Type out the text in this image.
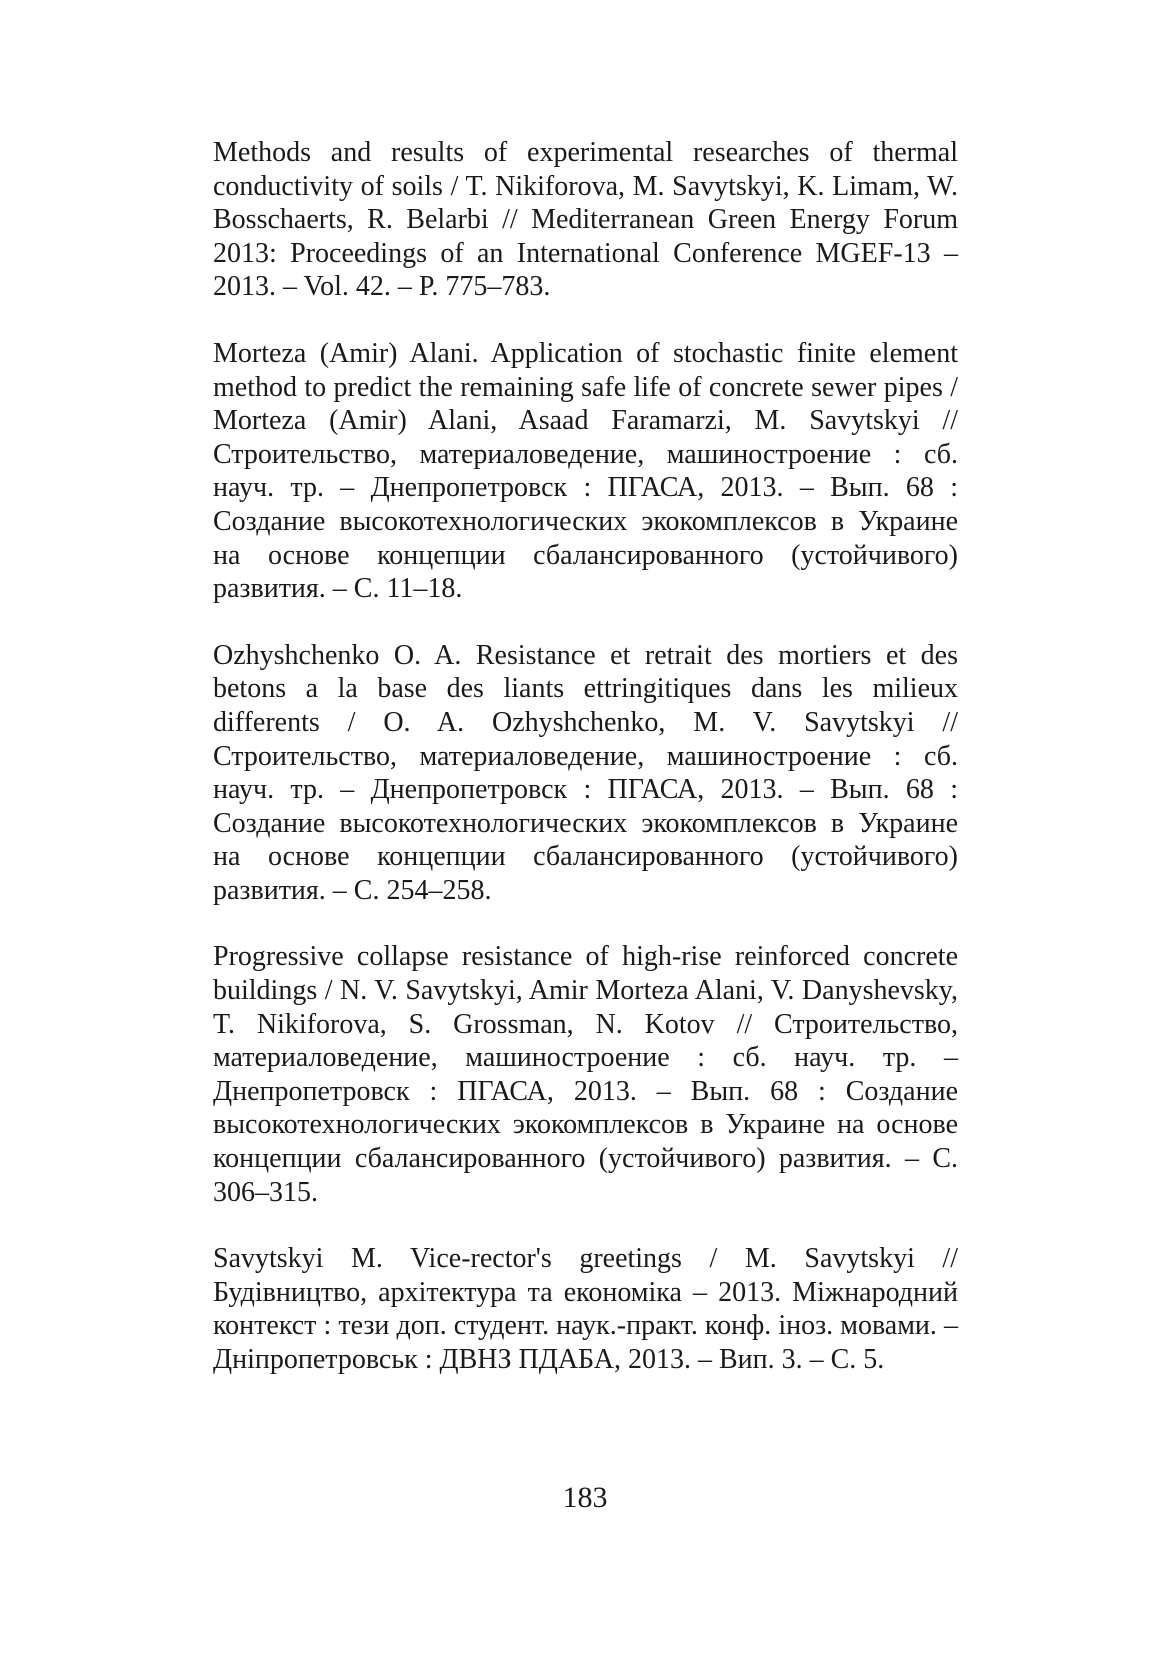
Methods and results of experimental researches of thermal conductivity of soils / T. Nikiforova, M. Savytskyi, K. Limam, W. Bosschaerts, R. Belarbi // Mediterranean Green Energy Forum 2013: Proceedings of an International Conference MGEF-13 – 2013. – Vol. 42. – P. 775–783.

Morteza (Amir) Alani. Application of stochastic finite element method to predict the remaining safe life of concrete sewer pipes / Morteza (Amir) Alani, Asaad Faramarzi, M. Savytskyi // Строительство, материаловедение, машиностроение : сб. науч. тр. – Днепропетровск : ПГАСА, 2013. – Вып. 68 : Создание высокотехнологических экокомплексов в Украине на основе концепции сбалансированного (устойчивого) развития. – С. 11–18.

Ozhyshchenko O. A. Resistance et retrait des mortiers et des betons a la base des liants ettringitiques dans les milieux differents / O. A. Ozhyshchenko, M. V. Savytskyi // Строительство, материаловедение, машиностроение : сб. науч. тр. – Днепропетровск : ПГАСА, 2013. – Вып. 68 : Создание высокотехнологических экокомплексов в Украине на основе концепции сбалансированного (устойчивого) развития. – С. 254–258.

Progressive collapse resistance of high-rise reinforced concrete buildings / N. V. Savytskyi, Amir Morteza Alani, V. Danyshevsky, T. Nikiforova, S. Grossman, N. Kotov // Строительство, материаловедение, машиностроение : сб. науч. тр. – Днепропетровск : ПГАСА, 2013. – Вып. 68 : Создание высокотехнологических экокомплексов в Украине на основе концепции сбалансированного (устойчивого) развития. – С. 306–315.

Savytskyi M. Vice-rector's greetings / M. Savytskyi // Будівництво, архітектура та економіка – 2013. Міжнародний контекст : тези доп. студент. наук.-практ. конф. іноз. мовами. – Дніпропетровськ : ДВНЗ ПДАБА, 2013. – Вип. 3. – С. 5.

183
